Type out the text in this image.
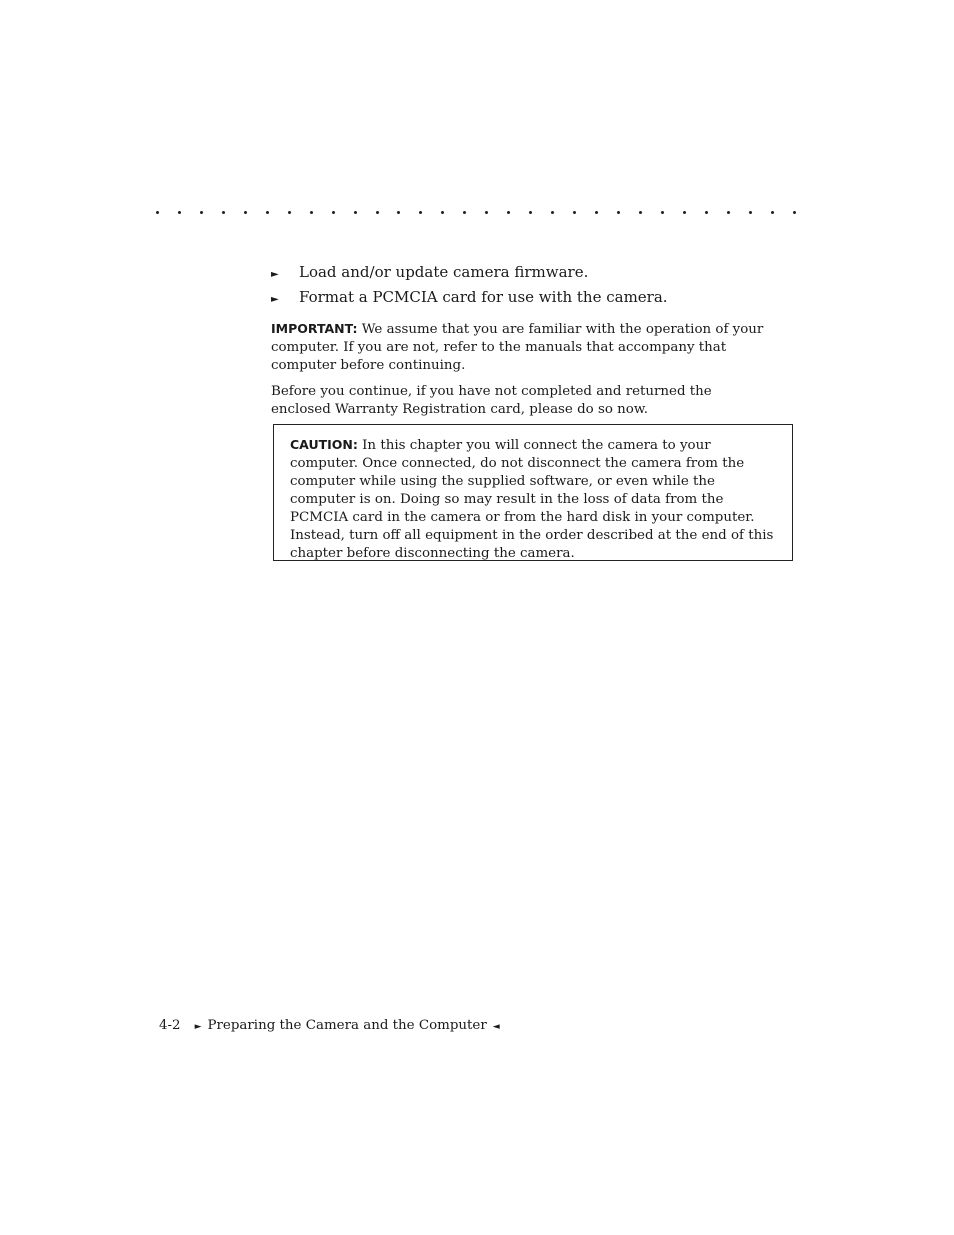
►	Load and/or update camera firmware.
►	Format a PCMCIA card for use with the camera.

IMPORTANT: We assume that you are familiar with the operation of your computer. If you are not, refer to the manuals that accompany that computer before continuing.

Before you continue, if you have not completed and returned the enclosed Warranty Registration card, please do so now.

CAUTION: In this chapter you will connect the camera to your computer. Once connected, do not disconnect the camera from the computer while using the supplied software, or even while the computer is on. Doing so may result in the loss of data from the PCMCIA card in the camera or from the hard disk in your computer. Instead, turn off all equipment in the order described at the end of this chapter before disconnecting the camera.

4-2 ► Preparing the Camera and the Computer ◄
